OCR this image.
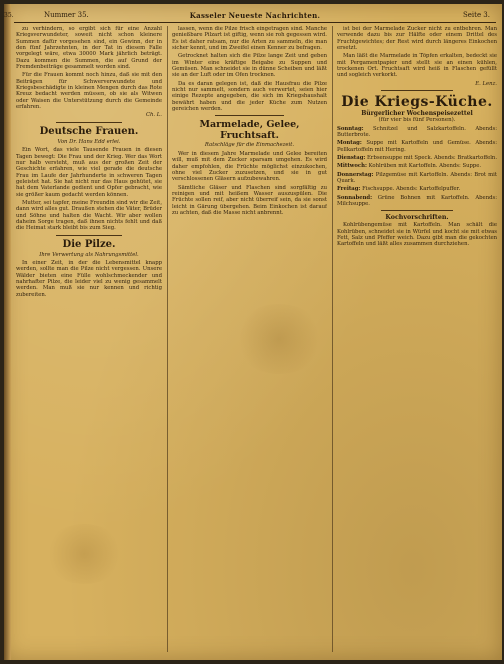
35.	Nummer 35.	Kasseler Neueste Nachrichten.	Seite 3.

zu verhindern, so ergibt sich für eine Anzahl Kriegsverwundeter, soweit nicht schon kleinere Summen dafür vorgesehen sind, ein Gewinn, der in den fünf Jahrzehnten, in der Tat in diesem Falle vorgelegt wäre, etwa 30000 Mark jährlich beträgt. Dazu kommen die Summen, die auf Grund der Fremdenbeiträge gesammelt worden sind.

Für die Frauen kommt noch hinzu, daß sie mit den Beiträgen für Schwerverwundete und Kriegsbeschädigte in kleinen Mengen durch das Rote Kreuz bedacht werden müssen, ob sie als Witwen oder Waisen die Unterstützung durch die Gemeinde erfahren.

Ch. L.
Deutsche Frauen.
Von Dr. Hans Edd erlei.

Ein Wort, das viele Tausende Frauen in diesen Tagen bewegt: Die Frau und der Krieg. Wer das Wort nur halb versteht, muß aus der großen Zeit der Geschichte erfahren, wie viel gerade die deutsche Frau im Laufe der Jahrhunderte in schweren Tagen geleistet hat. Sie hat nicht nur das Haus gehütet, sie hat dem Vaterlande gedient und Opfer gebracht, wie sie größer kaum gedacht werden können.

Mutter, sei tapfer, meine Freundin sind wir die Zeit, dann wird alles gut. Draußen stehen die Väter, Brüder und Söhne und halten die Wacht. Wir aber wollen daheim Sorge tragen, daß ihnen nichts fehlt und daß die Heimat stark bleibt bis zum Sieg.

Die Pilze.
Ihre Verwertung als Nahrungsmittel.

In einer Zeit, in der die Lebensmittel knapp werden, sollte man die Pilze nicht vergessen. Unsere Wälder bieten eine Fülle wohlschmeckender und nahrhafter Pilze, die leider viel zu wenig gesammelt werden. Man muß sie nur kennen und richtig zubereiten.

lassen, wenn die Pilze frisch eingetragen sind. Manche genießbare Pilzart ist giftig, wenn sie roh gegessen wird. Es ist daher ratsam, nur die Arten zu sammeln, die man sicher kennt, und im Zweifel einen Kenner zu befragen.

Getrocknet halten sich die Pilze lange Zeit und geben im Winter eine kräftige Beigabe zu Suppen und Gemüsen. Man schneidet sie in dünne Scheiben und läßt sie an der Luft oder im Ofen trocknen.

Da es daran gelegen ist, daß die Hausfrau die Pilze nicht nur sammelt, sondern auch verwertet, seien hier einige Rezepte angegeben, die sich im Kriegshaushalt bewährt haben und die jeder Küche zum Nutzen gereichen werden.

Marmelade, Gelee, Fruchtsaft.
Ratschläge für die Einmachezeit.

Wer in diesem Jahre Marmelade und Gelee bereiten will, muß mit dem Zucker sparsam umgehen. Es wird daher empfohlen, die Früchte möglichst einzukochen, ohne viel Zucker zuzusetzen, und sie in gut verschlossenen Gläsern aufzubewahren.

Sämtliche Gläser und Flaschen sind sorgfältig zu reinigen und mit heißem Wasser auszuspülen. Die Früchte sollen reif, aber nicht überreif sein, da sie sonst leicht in Gärung übergehen. Beim Einkochen ist darauf zu achten, daß die Masse nicht anbrennt.

ist bei der Marmelade Zucker nicht zu entbehren. Man verwende dazu bis zur Hälfte oder einem Drittel des Fruchtgewichtes; der Rest wird durch längeres Einkochen ersetzt.

Man läßt die Marmelade in Töpfen erkalten, bedeckt sie mit Pergamentpapier und stellt sie an einen kühlen, trockenen Ort. Fruchtsaft wird heiß in Flaschen gefüllt und sogleich verkorkt.

E. Lenz.
Die Kriegs-Küche.
Bürgerlicher Wochenspeisezettel
(für vier bis fünf Personen).
Sonntag: Schnitzel und Salzkartoffeln. Abends: Butterbrote.
Montag: Suppe mit Kartoffeln und Gemüse. Abends: Pellkartoffeln mit Hering.
Dienstag: Erbsensuppe mit Speck. Abends: Bratkartoffeln.
Mittwoch: Kohlrüben mit Kartoffeln. Abends: Suppe.
Donnerstag: Pilzgemüse mit Kartoffeln. Abends: Brot mit Quark.
Freitag: Fischsuppe. Abends: Kartoffelpuffer.
Sonnabend: Grüne Bohnen mit Kartoffeln. Abends: Milchsuppe.
Kochvorschriften.

Kohlrübengemüse mit Kartoffeln. Man schält die Kohlrüben, schneidet sie in Würfel und kocht sie mit etwas Fett, Salz und Pfeffer weich. Dazu gibt man die gekochten Kartoffeln und läßt alles zusammen durchziehen.
